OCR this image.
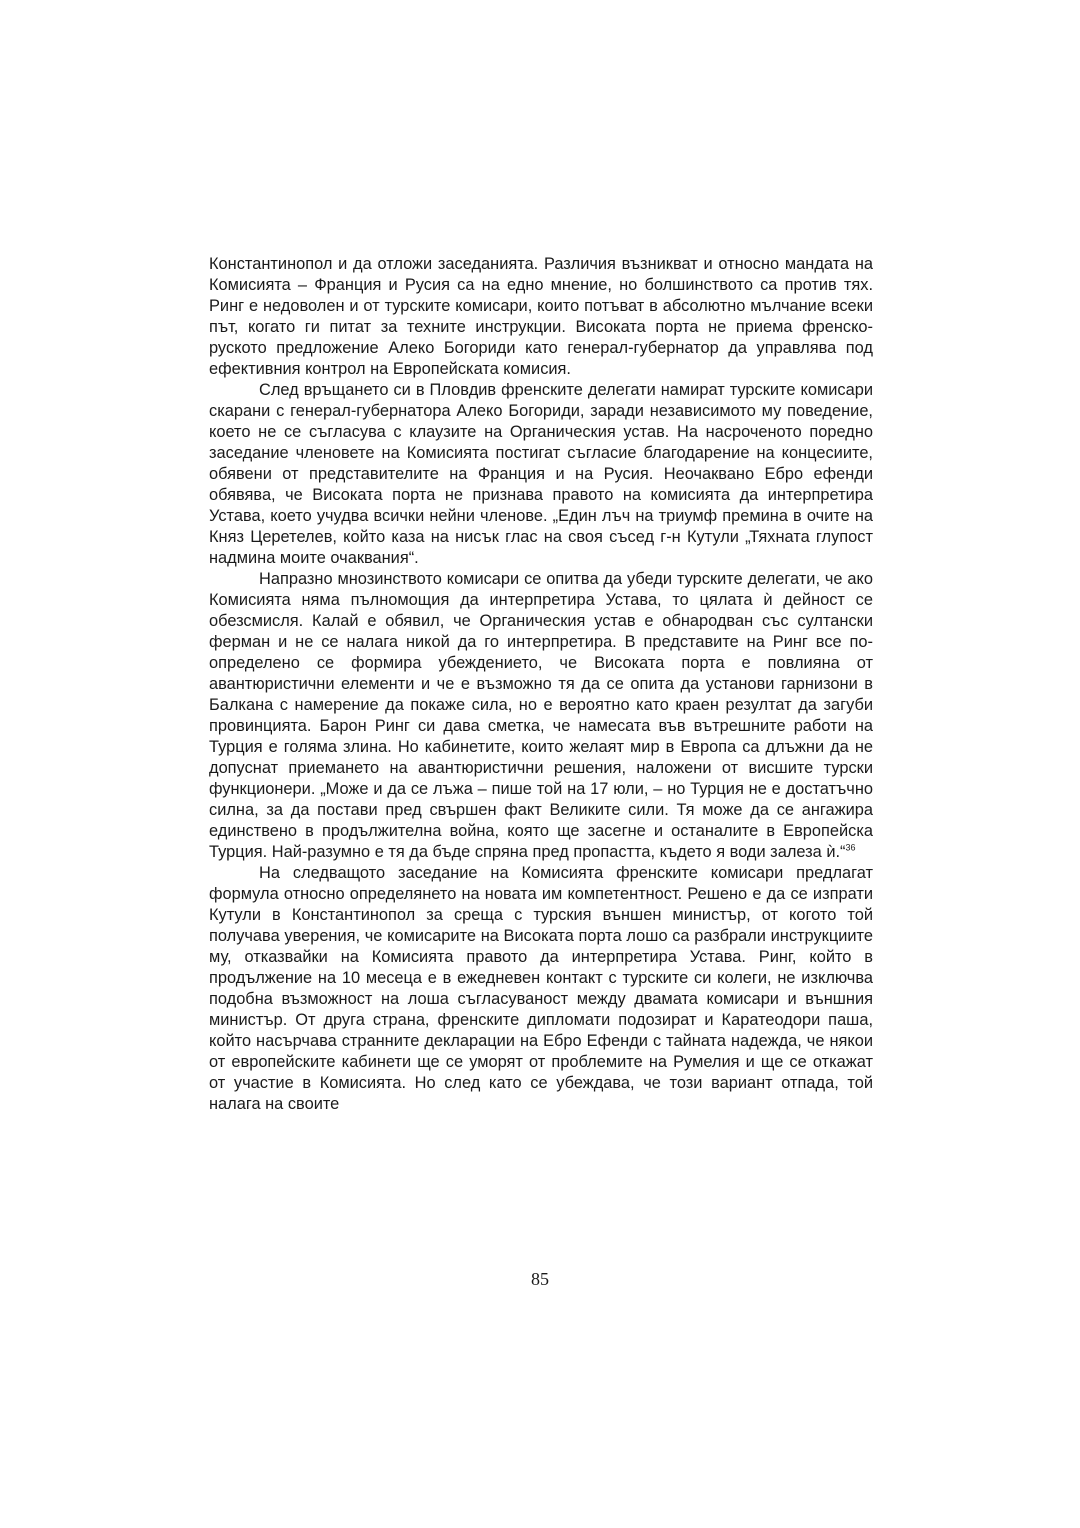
Константинопол и да отложи заседанията. Различия възникват и относно мандата на Комисията – Франция и Русия са на едно мнение, но болшинството са против тях. Ринг е недоволен и от турските комисари, които потъват в абсолютно мълчание всеки път, когато ги питат за техните инструкции. Високата порта не приема френско-руското предложение Алеко Богориди като генерал-губернатор да управлява под ефективния контрол на Европейската комисия.

След връщането си в Пловдив френските делегати намират турските комисари скарани с генерал-губернатора Алеко Богориди, заради независимото му поведение, което не се съгласува с клаузите на Органическия устав. На насроченото поредно заседание членовете на Комисията постигат съгласие благодарение на концесиите, обявени от представителите на Франция и на Русия. Неочаквано Ебро ефенди обявява, че Високата порта не признава правото на комисията да интерпретира Устава, което учудва всички нейни членове. „Един лъч на триумф премина в очите на Княз Церетелев, който каза на нисък глас на своя съсед г-н Кутули „Тяхната глупост надмина моите очаквания“.

Напразно мнозинството комисари се опитва да убеди турските делегати, че ако Комисията няма пълномощия да интерпретира Устава, то цялата ѝ дейност се обезсмисля. Калай е обявил, че Органическия устав е обнародван със султански ферман и не се налага никой да го интерпретира. В представите на Ринг все по-определено се формира убеждението, че Високата порта е повлияна от авантюристични елементи и че е възможно тя да се опита да установи гарнизони в Балкана с намерение да покаже сила, но е вероятно като краен резултат да загуби провинцията. Барон Ринг си дава сметка, че намесата във вътрешните работи на Турция е голяма злина. Но кабинетите, които желаят мир в Европа са длъжни да не допуснат приемането на авантюристични решения, наложени от висшите турски функционери. „Може и да се лъжа – пише той на 17 юли, – но Турция не е достатъчно силна, за да постави пред свършен факт Великите сили. Тя може да се ангажира единствено в продължителна война, която ще засегне и останалите в Европейска Турция. Най-разумно е тя да бъде спряна пред пропастта, където я води залеза ѝ.“$^{36}$

На следващото заседание на Комисията френските комисари предлагат формула относно определянето на новата им компетентност. Решено е да се изпрати Кутули в Константинопол за среща с турския външен министър, от когото той получава уверения, че комисарите на Високата порта лошо са разбрали инструкциите му, отказвайки на Комисията правото да интерпретира Устава. Ринг, който в продължение на 10 месеца е в ежедневен контакт с турските си колеги, не изключва подобна възможност на лоша съгласуваност между двамата комисари и външния министър. От друга страна, френските дипломати подозират и Каратеодори паша, който насърчава странните декларации на Ебро Ефенди с тайната надежда, че някои от европейските кабинети ще се уморят от проблемите на Румелия и ще се откажат от участие в Комисията. Но след като се убеждава, че този вариант отпада, той налага на своите

85
